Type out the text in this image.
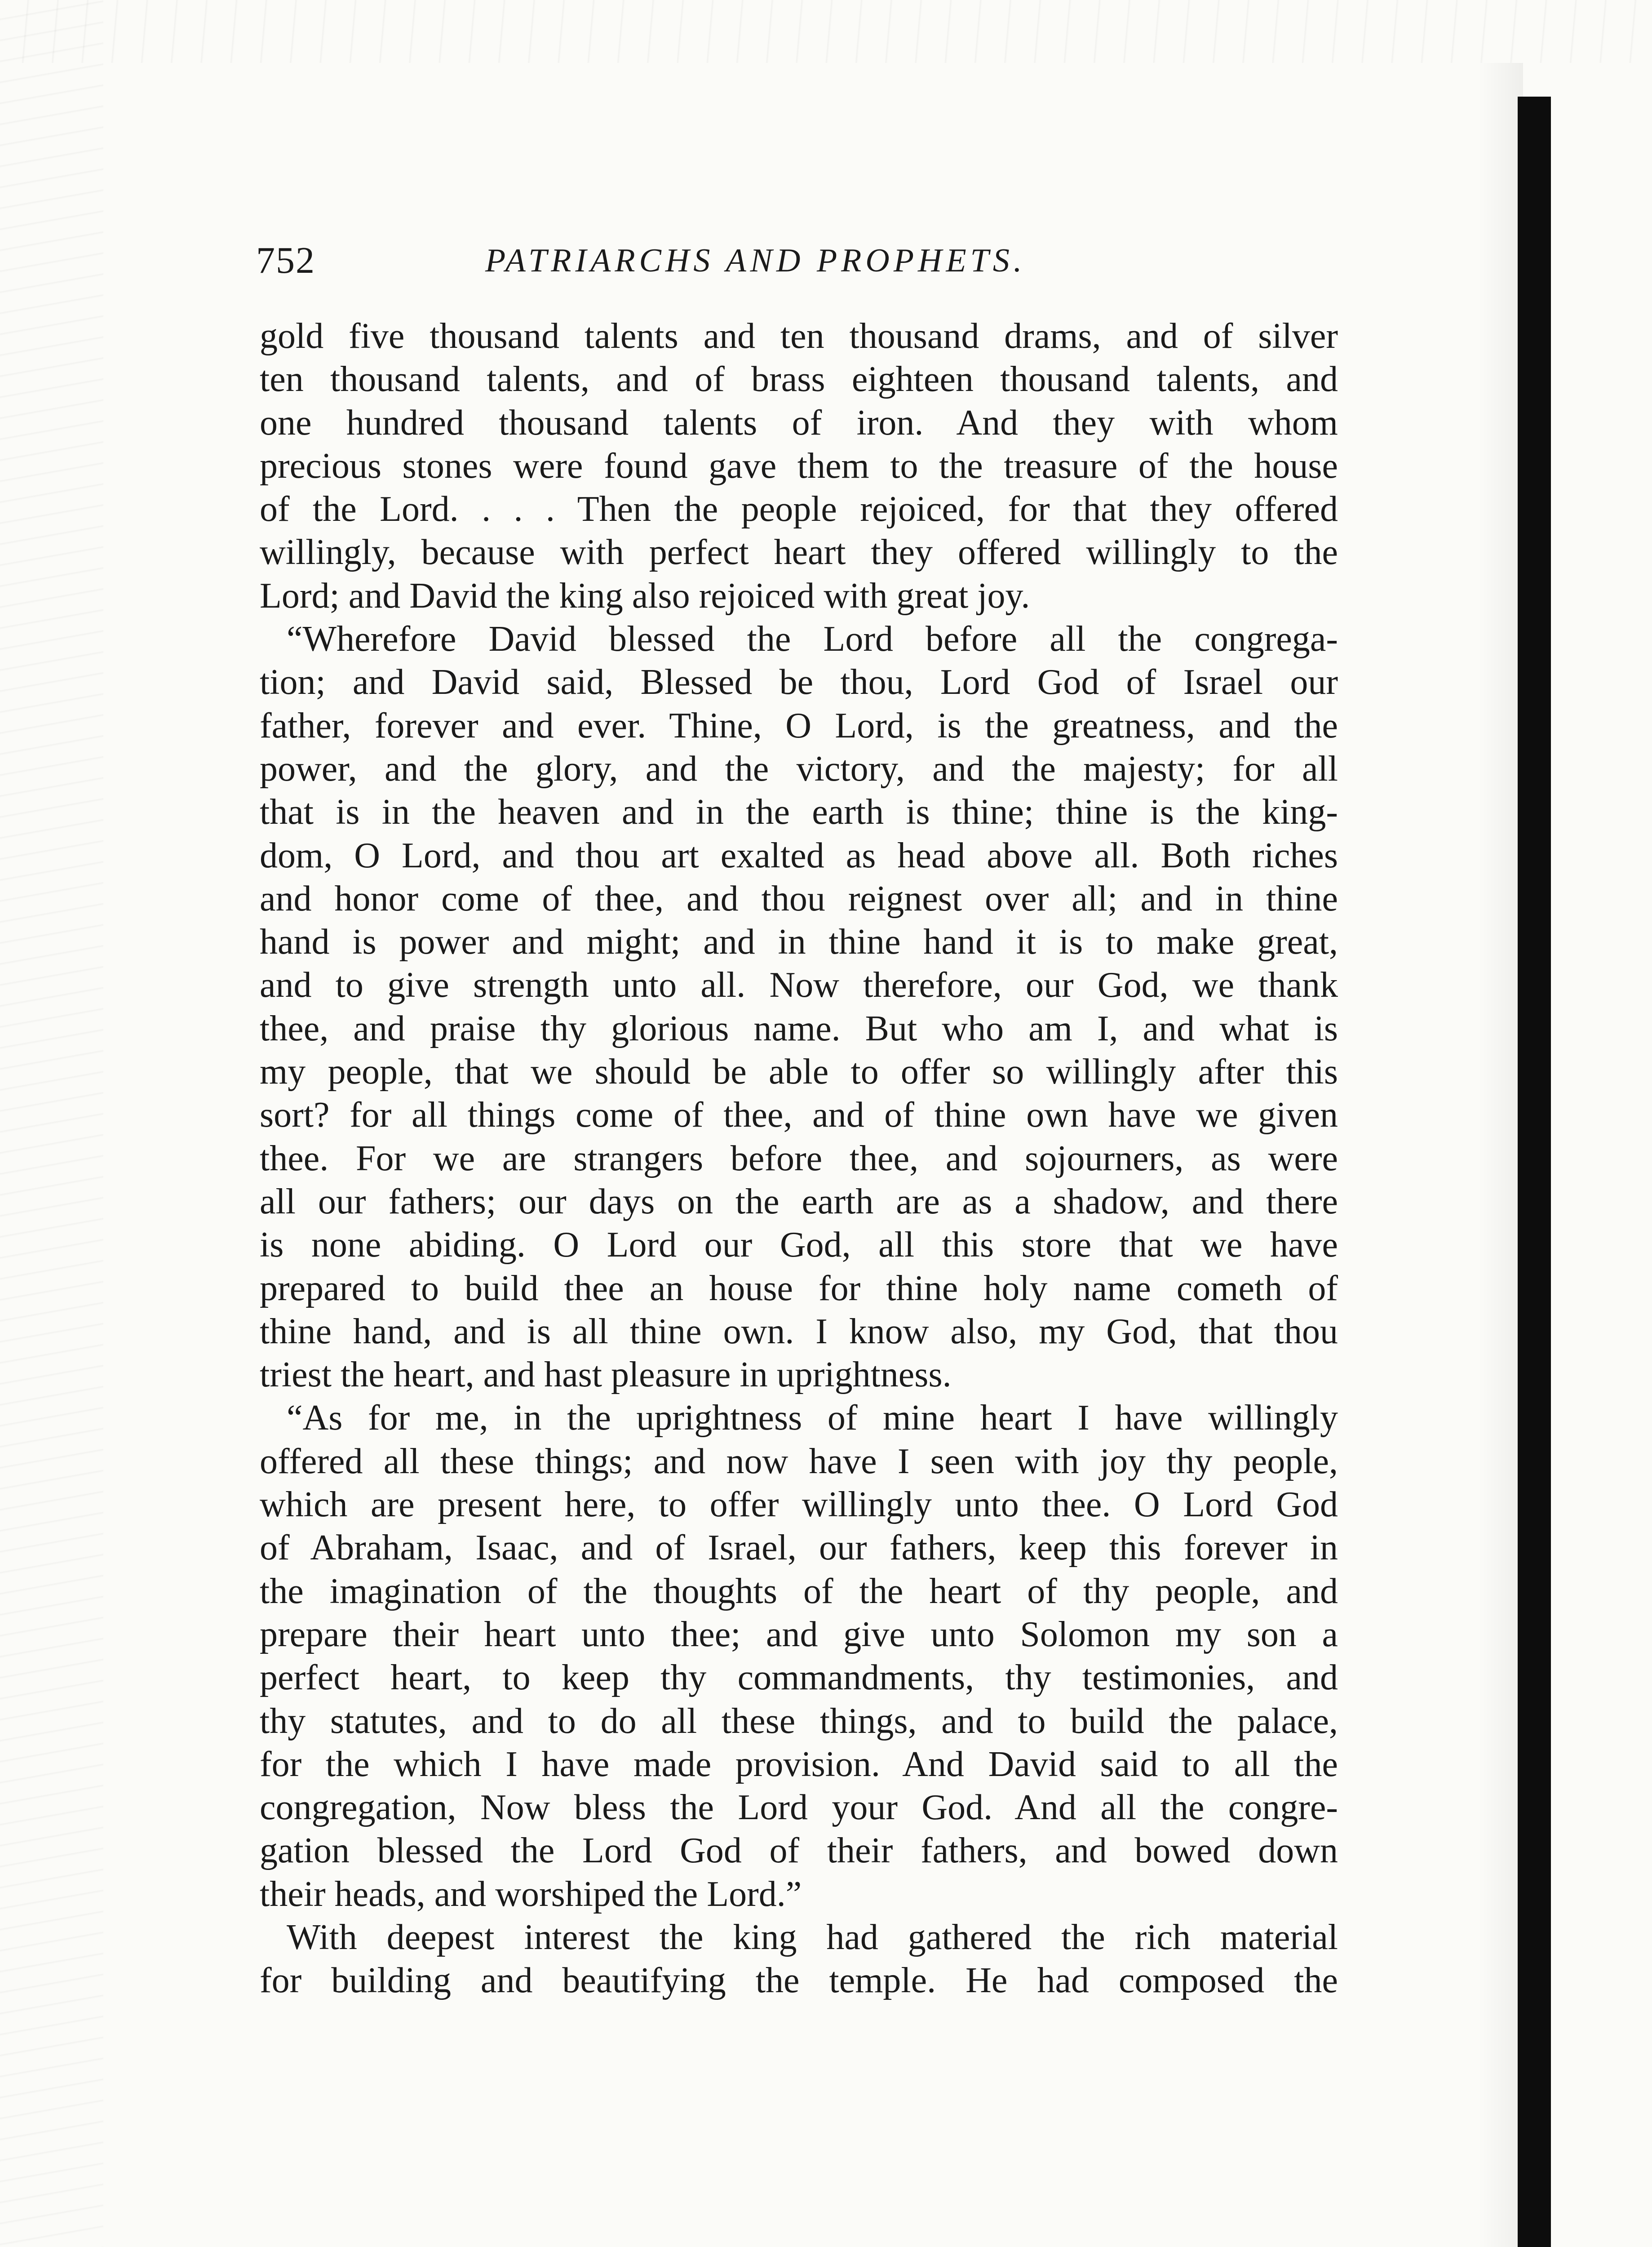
752	PATRIARCHS AND PROPHETS.
gold five thousand talents and ten thousand drams, and of silver
ten thousand talents, and of brass eighteen thousand talents, and
one hundred thousand talents of iron. And they with whom
precious stones were found gave them to the treasure of the house
of the Lord. . . . Then the people rejoiced, for that they offered
willingly, because with perfect heart they offered willingly to the
Lord; and David the king also rejoiced with great joy.
“Wherefore David blessed the Lord before all the congrega-
tion; and David said, Blessed be thou, Lord God of Israel our
father, forever and ever. Thine, O Lord, is the greatness, and the
power, and the glory, and the victory, and the majesty; for all
that is in the heaven and in the earth is thine; thine is the king-
dom, O Lord, and thou art exalted as head above all. Both riches
and honor come of thee, and thou reignest over all; and in thine
hand is power and might; and in thine hand it is to make great,
and to give strength unto all. Now therefore, our God, we thank
thee, and praise thy glorious name. But who am I, and what is
my people, that we should be able to offer so willingly after this
sort? for all things come of thee, and of thine own have we given
thee. For we are strangers before thee, and sojourners, as were
all our fathers; our days on the earth are as a shadow, and there
is none abiding. O Lord our God, all this store that we have
prepared to build thee an house for thine holy name cometh of
thine hand, and is all thine own. I know also, my God, that thou
triest the heart, and hast pleasure in uprightness.
“As for me, in the uprightness of mine heart I have willingly
offered all these things; and now have I seen with joy thy people,
which are present here, to offer willingly unto thee. O Lord God
of Abraham, Isaac, and of Israel, our fathers, keep this forever in
the imagination of the thoughts of the heart of thy people, and
prepare their heart unto thee; and give unto Solomon my son a
perfect heart, to keep thy commandments, thy testimonies, and
thy statutes, and to do all these things, and to build the palace,
for the which I have made provision. And David said to all the
congregation, Now bless the Lord your God. And all the congre-
gation blessed the Lord God of their fathers, and bowed down
their heads, and worshiped the Lord.”
With deepest interest the king had gathered the rich material
for building and beautifying the temple. He had composed the
